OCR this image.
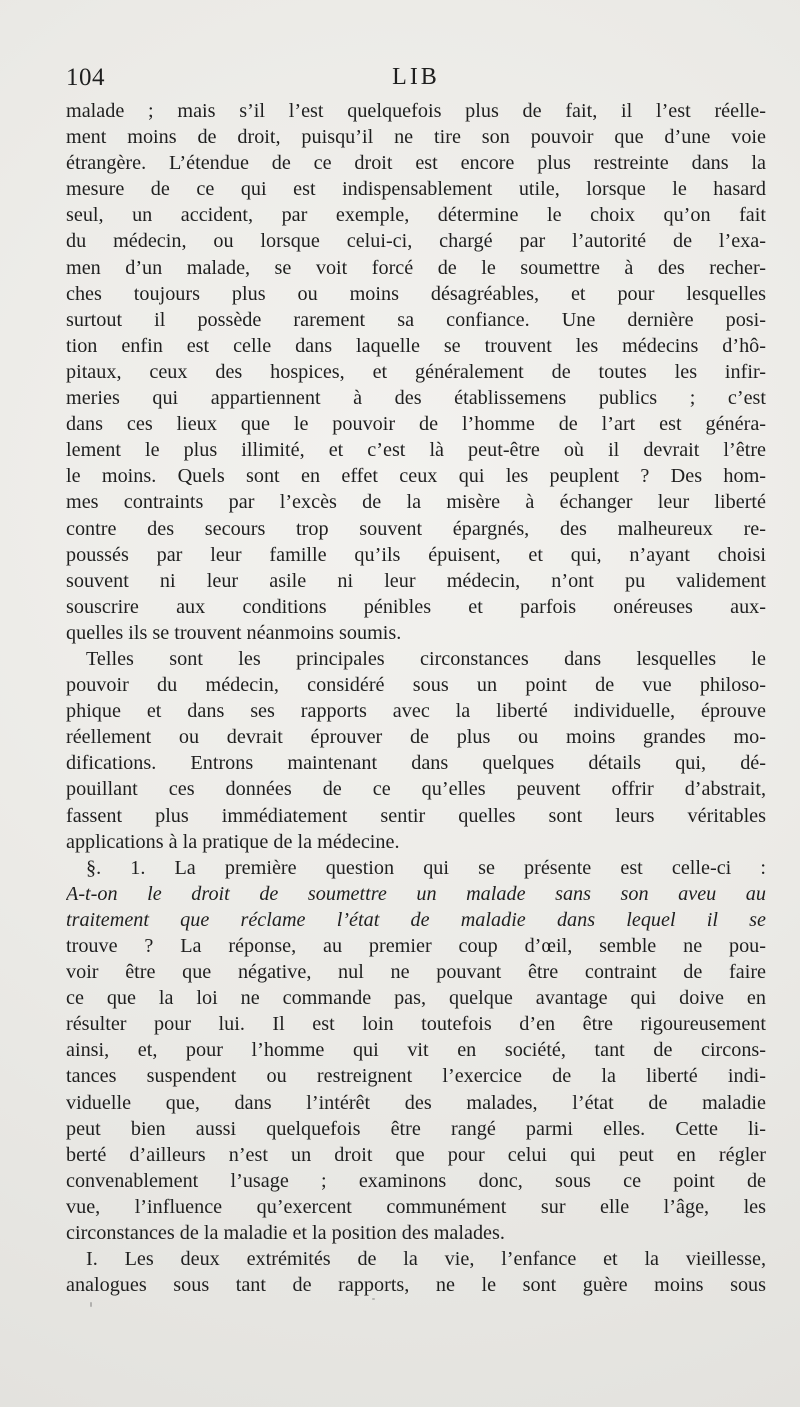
104	LIB
malade ; mais s’il l’est quelquefois plus de fait, il l’est réelle-
ment moins de droit, puisqu’il ne tire son pouvoir que d’une voie
étrangère. L’étendue de ce droit est encore plus restreinte dans la
mesure de ce qui est indispensablement utile, lorsque le hasard
seul, un accident, par exemple, détermine le choix qu’on fait
du médecin, ou lorsque celui-ci, chargé par l’autorité de l’exa-
men d’un malade, se voit forcé de le soumettre à des recher-
ches toujours plus ou moins désagréables, et pour lesquelles
surtout il possède rarement sa confiance. Une dernière posi-
tion enfin est celle dans laquelle se trouvent les médecins d’hô-
pitaux, ceux des hospices, et généralement de toutes les infir-
meries qui appartiennent à des établissemens publics ; c’est
dans ces lieux que le pouvoir de l’homme de l’art est généra-
lement le plus illimité, et c’est là peut-être où il devrait l’être
le moins. Quels sont en effet ceux qui les peuplent ? Des hom-
mes contraints par l’excès de la misère à échanger leur liberté
contre des secours trop souvent épargnés, des malheureux re-
poussés par leur famille qu’ils épuisent, et qui, n’ayant choisi
souvent ni leur asile ni leur médecin, n’ont pu validement
souscrire aux conditions pénibles et parfois onéreuses aux-
quelles ils se trouvent néanmoins soumis.
Telles sont les principales circonstances dans lesquelles le
pouvoir du médecin, considéré sous un point de vue philoso-
phique et dans ses rapports avec la liberté individuelle, éprouve
réellement ou devrait éprouver de plus ou moins grandes mo-
difications. Entrons maintenant dans quelques détails qui, dé-
pouillant ces données de ce qu’elles peuvent offrir d’abstrait,
fassent plus immédiatement sentir quelles sont leurs véritables
applications à la pratique de la médecine.
§. 1. La première question qui se présente est celle-ci :
A-t-on le droit de soumettre un malade sans son aveu au
traitement que réclame l’état de maladie dans lequel il se
trouve ? La réponse, au premier coup d’œil, semble ne pou-
voir être que négative, nul ne pouvant être contraint de faire
ce que la loi ne commande pas, quelque avantage qui doive en
résulter pour lui. Il est loin toutefois d’en être rigoureusement
ainsi, et, pour l’homme qui vit en société, tant de circons-
tances suspendent ou restreignent l’exercice de la liberté indi-
viduelle que, dans l’intérêt des malades, l’état de maladie
peut bien aussi quelquefois être rangé parmi elles. Cette li-
berté d’ailleurs n’est un droit que pour celui qui peut en régler
convenablement l’usage ; examinons donc, sous ce point de
vue, l’influence qu’exercent communément sur elle l’âge, les
circonstances de la maladie et la position des malades.
I. Les deux extrémités de la vie, l’enfance et la vieillesse,
analogues sous tant de rapports, ne le sont guère moins sous
